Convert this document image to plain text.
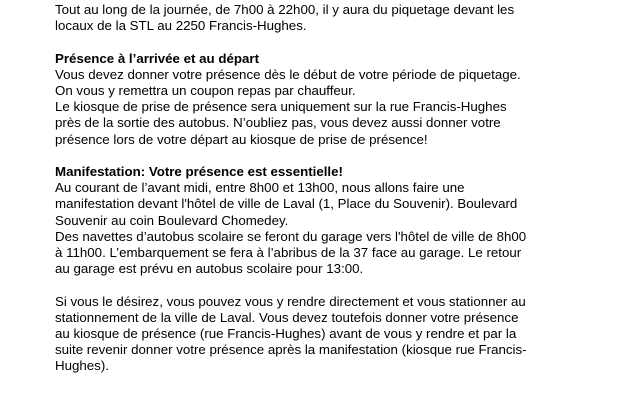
Tout au long de la journée, de 7h00 à 22h00, il y aura du piquetage devant les
locaux de la STL au 2250 Francis-Hughes.
Présence à l’arrivée et au départ
Vous devez donner votre présence dès le début de votre période de piquetage.
On vous y remettra un coupon repas par chauffeur.
Le kiosque de prise de présence sera uniquement sur la rue Francis-Hughes
près de la sortie des autobus. N’oubliez pas, vous devez aussi donner votre
présence lors de votre départ au kiosque de prise de présence!
Manifestation: Votre présence est essentielle!
Au courant de l’avant midi, entre 8h00 et 13h00, nous allons faire une
manifestation devant l'hôtel de ville de Laval (1, Place du Souvenir). Boulevard
Souvenir au coin Boulevard Chomedey.
Des navettes d’autobus scolaire se feront du garage vers l'hôtel de ville de 8h00
à 11h00. L’embarquement se fera à l’abribus de la 37 face au garage. Le retour
au garage est prévu en autobus scolaire pour 13:00.
Si vous le désirez, vous pouvez vous y rendre directement et vous stationner au
stationnement de la ville de Laval. Vous devez toutefois donner votre présence
au kiosque de présence (rue Francis-Hughes) avant de vous y rendre et par la
suite revenir donner votre présence après la manifestation (kiosque rue Francis-
Hughes).
